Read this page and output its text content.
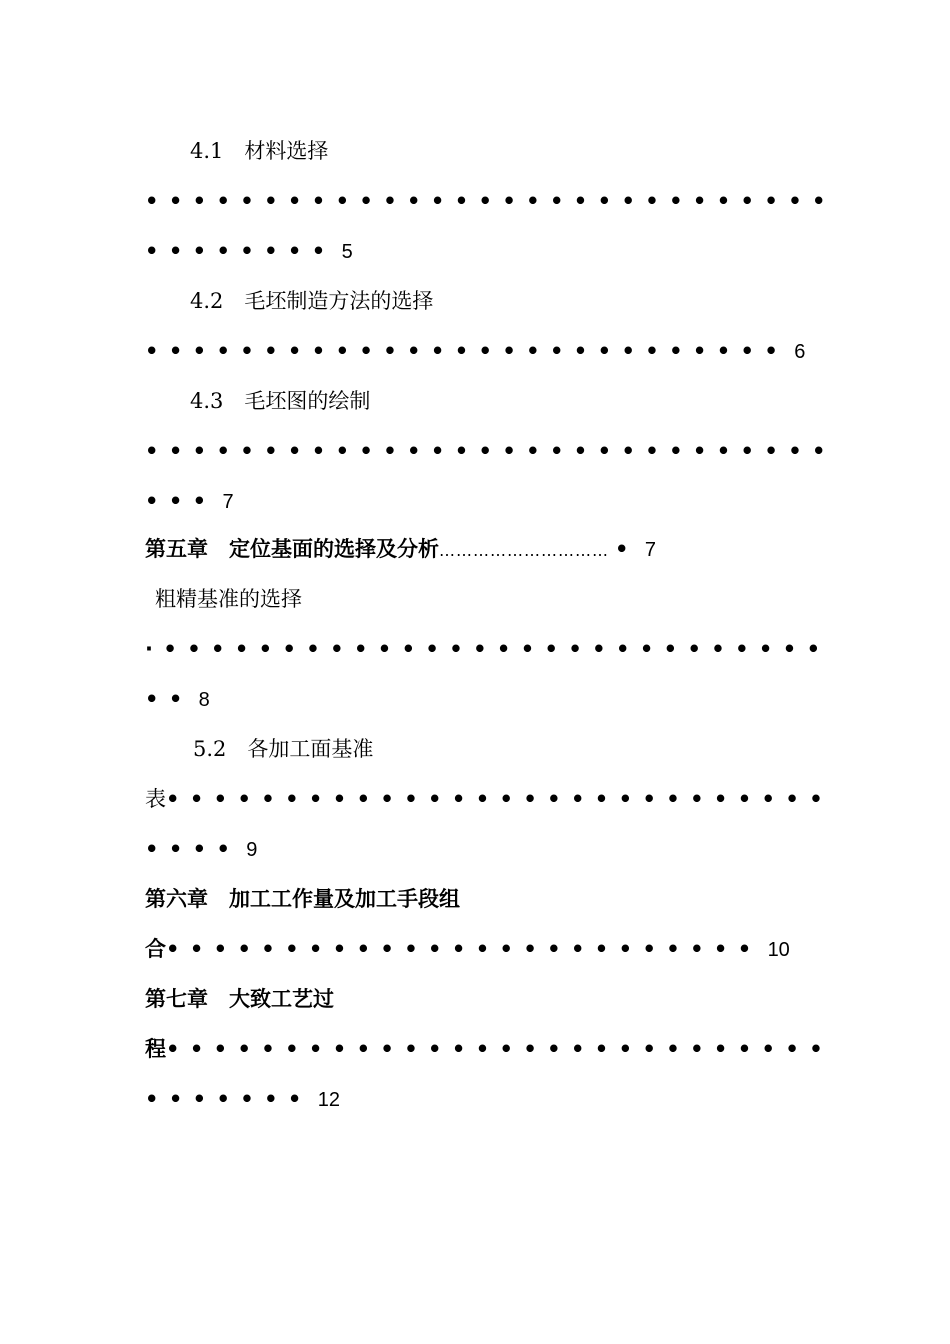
4.1　材料选择
•••••••••••••••••••••••••••••
•••••••• 5
4.2　毛坯制造方法的选择
••••••••••••••••••••••••••• 6
4.3　毛坯图的绘制
•••••••••••••••••••••••••••••
••• 7
第五章　定位基面的选择及分析………………………… • 7
粗精基准的选择
·••••••••••••••••••••••••••••
•• 8
5.2　各加工面基准
表••••••••••••••••••••••••••••
•••• 9
第六章　加工工作量及加工手段组
合••••••••••••••••••••••••• 10
第七章　大致工艺过
程••••••••••••••••••••••••••••
••••••• 12
